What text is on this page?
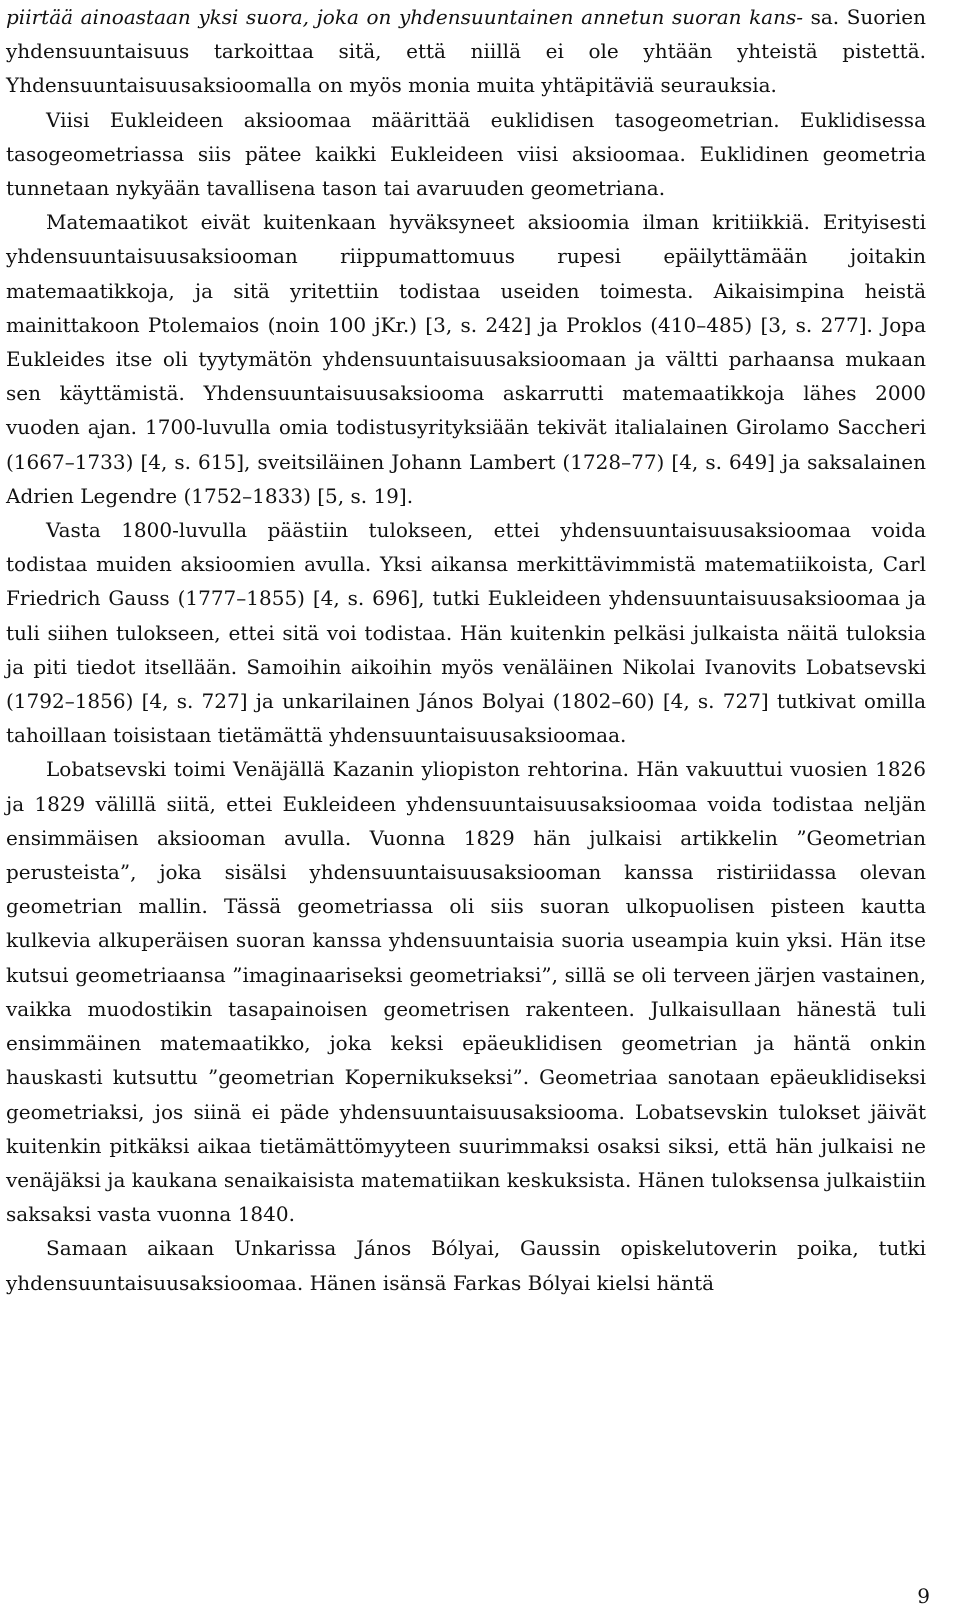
piirtää ainoastaan yksi suora, joka on yhdensuuntainen annetun suoran kans- sa. Suorien yhdensuuntaisuus tarkoittaa sitä, että niillä ei ole yhtään yhteistä pistettä. Yhdensuuntaisuusaksioomalla on myös monia muita yhtäpitäviä seurauksia.

Viisi Eukleideen aksioomaa määrittää euklidisen tasogeometrian. Euklidisessa tasogeometriassa siis pätee kaikki Eukleideen viisi aksioomaa. Euklidinen geometria tunnetaan nykyään tavallisena tason tai avaruuden geometriana.

Matemaatikot eivät kuitenkaan hyväksyneet aksioomia ilman kritiikkiä. Erityisesti yhdensuuntaisuusaksiooman riippumattomuus rupesi epäilyttämään joitakin matemaatikkoja, ja sitä yritettiin todistaa useiden toimesta. Aikaisimpina heistä mainittakoon Ptolemaios (noin 100 jKr.) [3, s. 242] ja Proklos (410–485) [3, s. 277]. Jopa Eukleides itse oli tyytymätön yhdensuuntaisuusaksioomaan ja vältti parhaansa mukaan sen käyttämistä. Yhdensuuntaisuusaksiooma askarrutti matemaatikkoja lähes 2000 vuoden ajan. 1700-luvulla omia todistusyrityksiään tekivät italialainen Girolamo Saccheri (1667–1733) [4, s. 615], sveitsiläinen Johann Lambert (1728–77) [4, s. 649] ja saksalainen Adrien Legendre (1752–1833) [5, s. 19].

Vasta 1800-luvulla päästiin tulokseen, ettei yhdensuuntaisuusaksioomaa voida todistaa muiden aksioomien avulla. Yksi aikansa merkittävimmistä matematiikoista, Carl Friedrich Gauss (1777–1855) [4, s. 696], tutki Eukleideen yhdensuuntaisuusaksioomaa ja tuli siihen tulokseen, ettei sitä voi todistaa. Hän kuitenkin pelkäsi julkaista näitä tuloksia ja piti tiedot itsellään. Samoihin aikoihin myös venäläinen Nikolai Ivanovits Lobatsevski (1792–1856) [4, s. 727] ja unkarilainen János Bolyai (1802–60) [4, s. 727] tutkivat omilla tahoillaan toisistaan tietämättä yhdensuuntaisuusaksioomaa.

Lobatsevski toimi Venäjällä Kazanin yliopiston rehtorina. Hän vakuuttui vuosien 1826 ja 1829 välillä siitä, ettei Eukleideen yhdensuuntaisuusaksioomaa voida todistaa neljän ensimmäisen aksiooman avulla. Vuonna 1829 hän julkaisi artikkelin ”Geometrian perusteista”, joka sisälsi yhdensuuntaisuusaksiooman kanssa ristiriidassa olevan geometrian mallin. Tässä geometriassa oli siis suoran ulkopuolisen pisteen kautta kulkevia alkuperäisen suoran kanssa yhdensuuntaisia suoria useampia kuin yksi. Hän itse kutsui geometriaansa ”imaginaariseksi geometriaksi”, sillä se oli terveen järjen vastainen, vaikka muodostikin tasapainoisen geometrisen rakenteen. Julkaisullaan hänestä tuli ensimmäinen matemaatikko, joka keksi epäeuklidisen geometrian ja häntä onkin hauskasti kutsuttu ”geometrian Kopernikukseksi”. Geometriaa sanotaan epäeuklidiseksi geometriaksi, jos siinä ei päde yhdensuuntaisuusaksiooma. Lobatsevskin tulokset jäivät kuitenkin pitkäksi aikaa tietämättömyyteen suurimmaksi osaksi siksi, että hän julkaisi ne venäjäksi ja kaukana senaikaisista matematiikan keskuksista. Hänen tuloksensa julkaistiin saksaksi vasta vuonna 1840.

Samaan aikaan Unkarissa János Bólyai, Gaussin opiskelutoverin poika, tutki yhdensuuntaisuusaksioomaa. Hänen isänsä Farkas Bólyai kielsi häntä

9
